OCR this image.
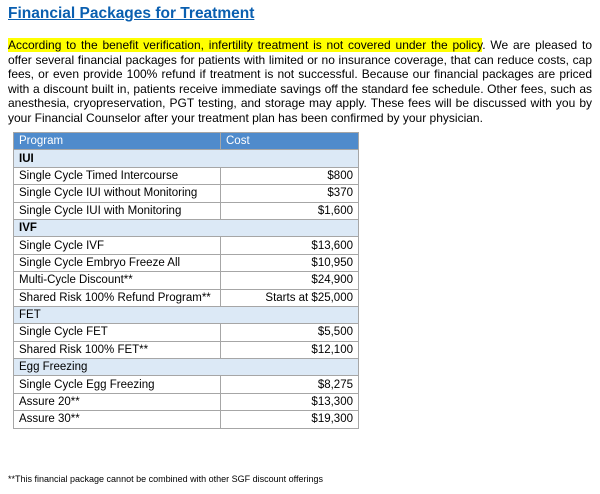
Financial Packages for Treatment

According to the benefit verification, infertility treatment is not covered under the policy. We are pleased to offer several financial packages for patients with limited or no insurance coverage, that can reduce costs, cap fees, or even provide 100% refund if treatment is not successful. Because our financial packages are priced with a discount built in, patients receive immediate savings off the standard fee schedule. Other fees, such as anesthesia, cryopreservation, PGT testing, and storage may apply. These fees will be discussed with you by your Financial Counselor after your treatment plan has been confirmed by your physician.

Program	Cost
IUI	
Single Cycle Timed Intercourse	$800
Single Cycle IUI without Monitoring	$370
Single Cycle IUI with Monitoring	$1,600
IVF	
Single Cycle IVF	$13,600
Single Cycle Embryo Freeze All	$10,950
Multi-Cycle Discount**	$24,900
Shared Risk 100% Refund Program**	Starts at $25,000
FET	
Single Cycle FET	$5,500
Shared Risk 100% FET**	$12,100
Egg Freezing	
Single Cycle Egg Freezing	$8,275
Assure 20**	$13,300
Assure 30**	$19,300

**This financial package cannot be combined with other SGF discount offerings
